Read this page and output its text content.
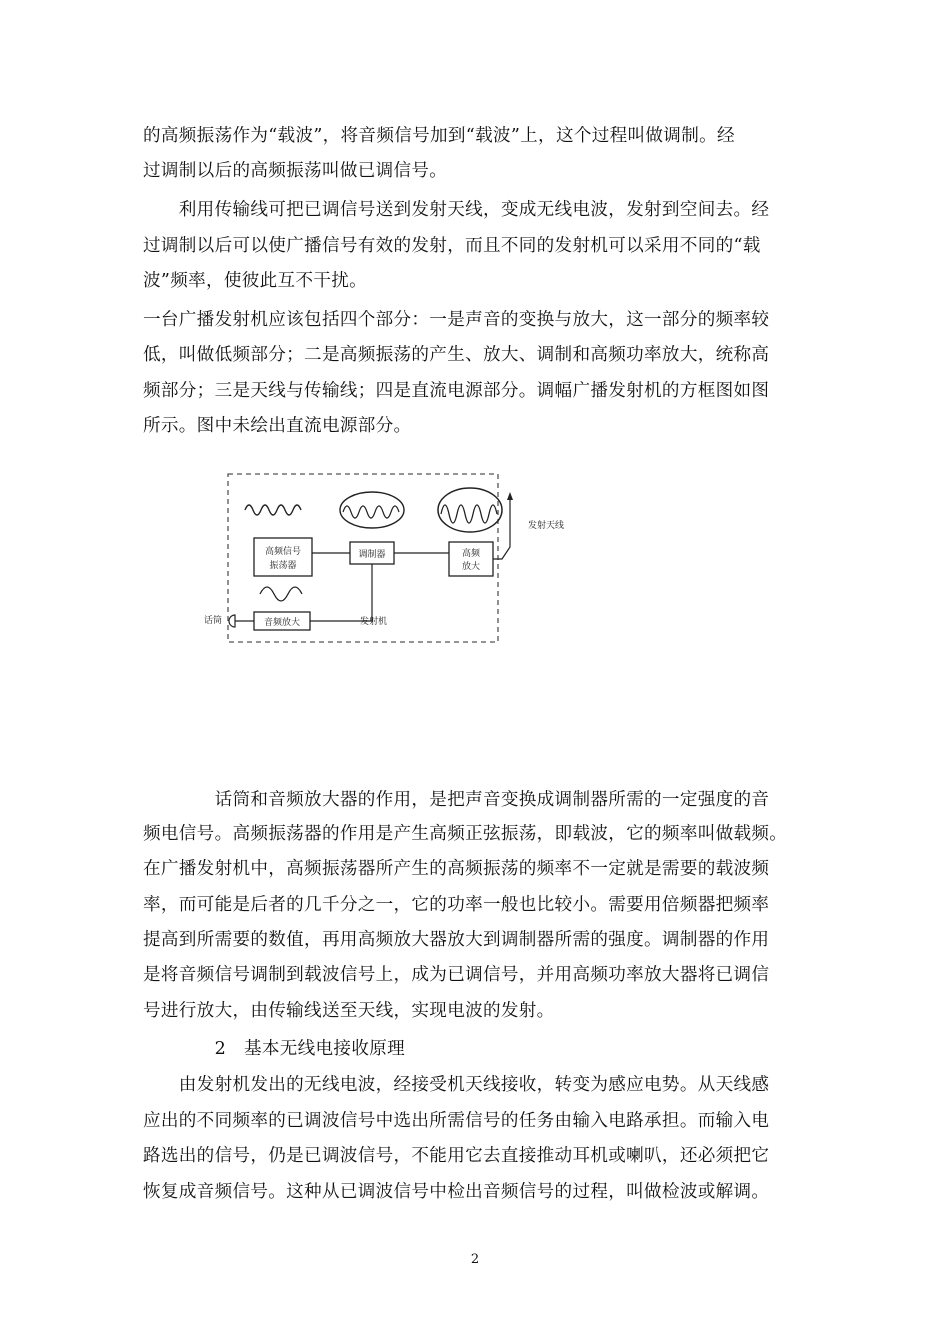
的高频振荡作为“载波”，将音频信号加到“载波”上，这个过程叫做调制。经
过调制以后的高频振荡叫做已调信号。
　　利用传输线可把已调信号送到发射天线，变成无线电波，发射到空间去。经
过调制以后可以使广播信号有效的发射，而且不同的发射机可以采用不同的“载
波”频率，使彼此互不干扰。
一台广播发射机应该包括四个部分：一是声音的变换与放大，这一部分的频率较
低，叫做低频部分；二是高频振荡的产生、放大、调制和高频功率放大，统称高
频部分；三是天线与传输线；四是直流电源部分。调幅广播发射机的方框图如图
所示。图中未绘出直流电源部分。
高频信号
振荡器
调制器	高频
放大
发射天线
话筒	音频放大	发射机
　　　　话筒和音频放大器的作用，是把声音变换成调制器所需的一定强度的音
频电信号。高频振荡器的作用是产生高频正弦振荡，即载波，它的频率叫做载频。
在广播发射机中，高频振荡器所产生的高频振荡的频率不一定就是需要的载波频
率，而可能是后者的几千分之一，它的功率一般也比较小。需要用倍频器把频率
提高到所需要的数值，再用高频放大器放大到调制器所需的强度。调制器的作用
是将音频信号调制到载波信号上，成为已调信号，并用高频功率放大器将已调信
号进行放大，由传输线送至天线，实现电波的发射。
　　　　2　基本无线电接收原理
　　由发射机发出的无线电波，经接受机天线接收，转变为感应电势。从天线感
应出的不同频率的已调波信号中选出所需信号的任务由输入电路承担。而输入电
路选出的信号，仍是已调波信号，不能用它去直接推动耳机或喇叭，还必须把它
恢复成音频信号。这种从已调波信号中检出音频信号的过程，叫做检波或解调。
2
